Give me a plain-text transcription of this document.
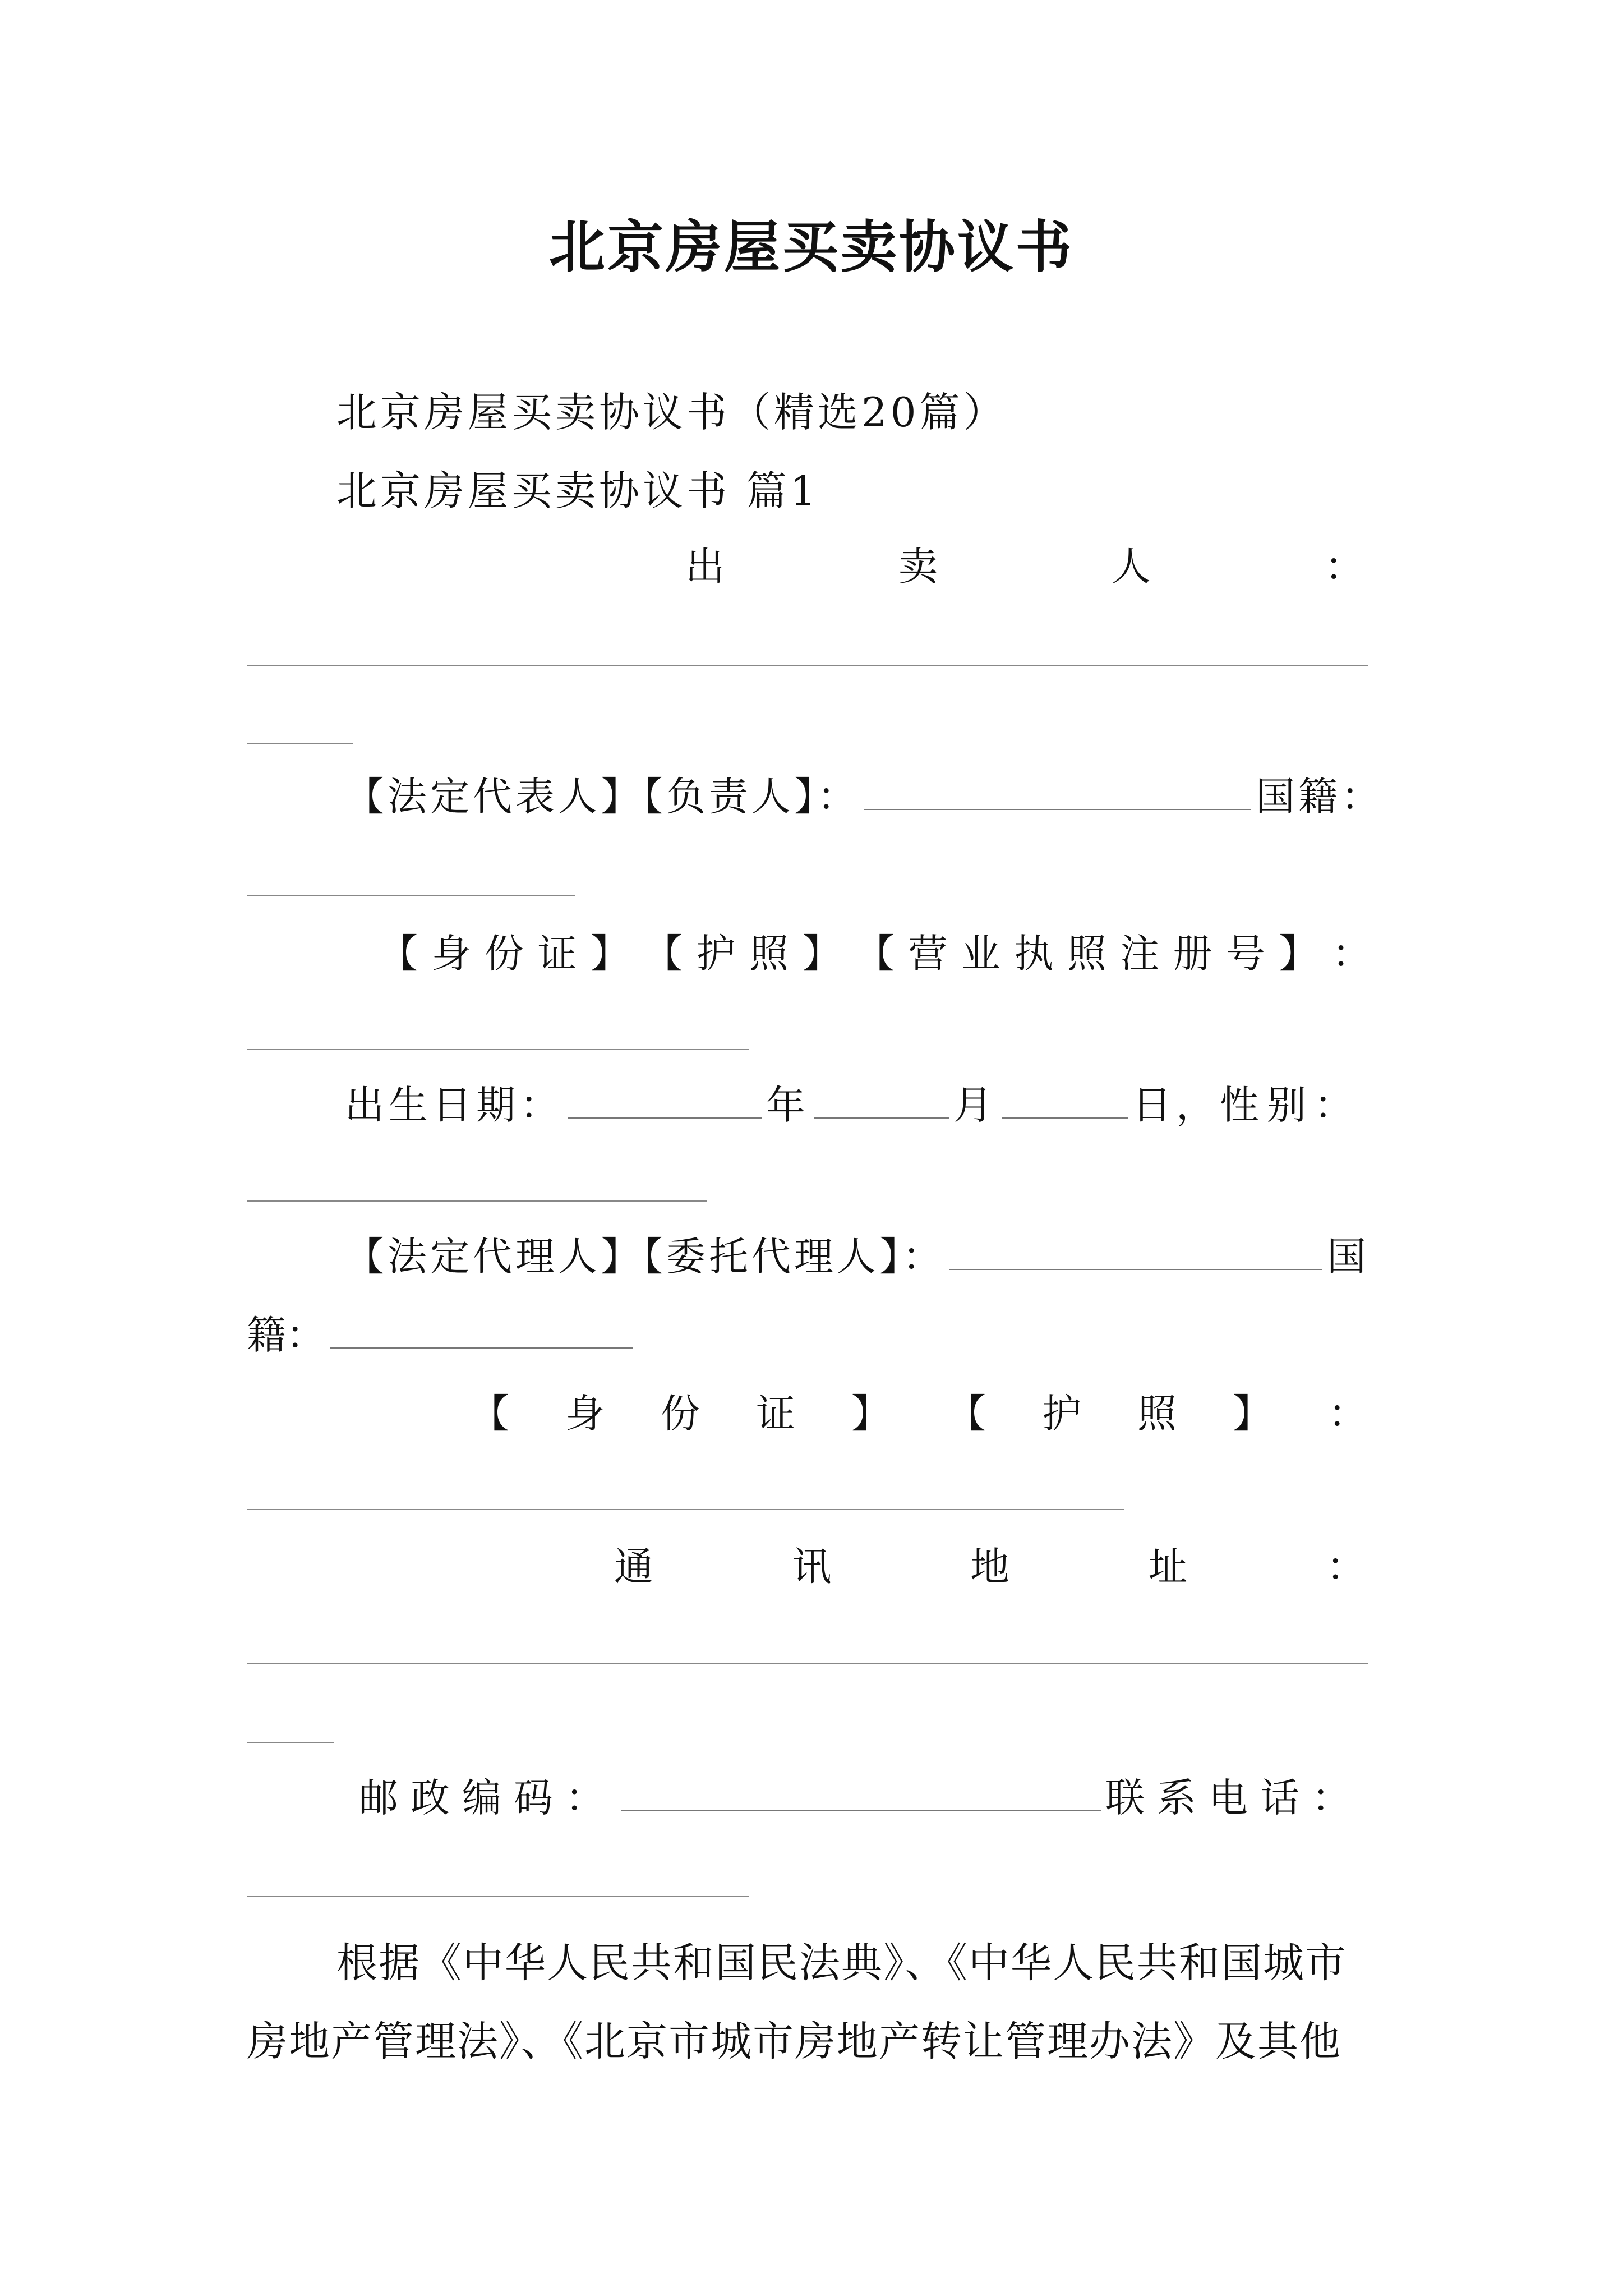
北京房屋买卖协议书
北京房屋买卖协议书（精选20篇）
北京房屋买卖协议书 篇1
出	卖	人	：
【法定代表人】【负责人】：	国籍：
【 身 份 证 】 【 护 照 】 【 营 业 执 照 注 册 号 】 ：
出生日期：	年	月	日，性别：
【法定代理人】【委托代理人】：	国
籍：
【 身 份 证 】 【 护 照 】 ：
通	讯	地	址	：
邮政编码：	联系电话：
根据《中华人民共和国民法典》、《中华人民共和国城市房地产管理法》、《北京市城市房地产转让管理办法》及其他
